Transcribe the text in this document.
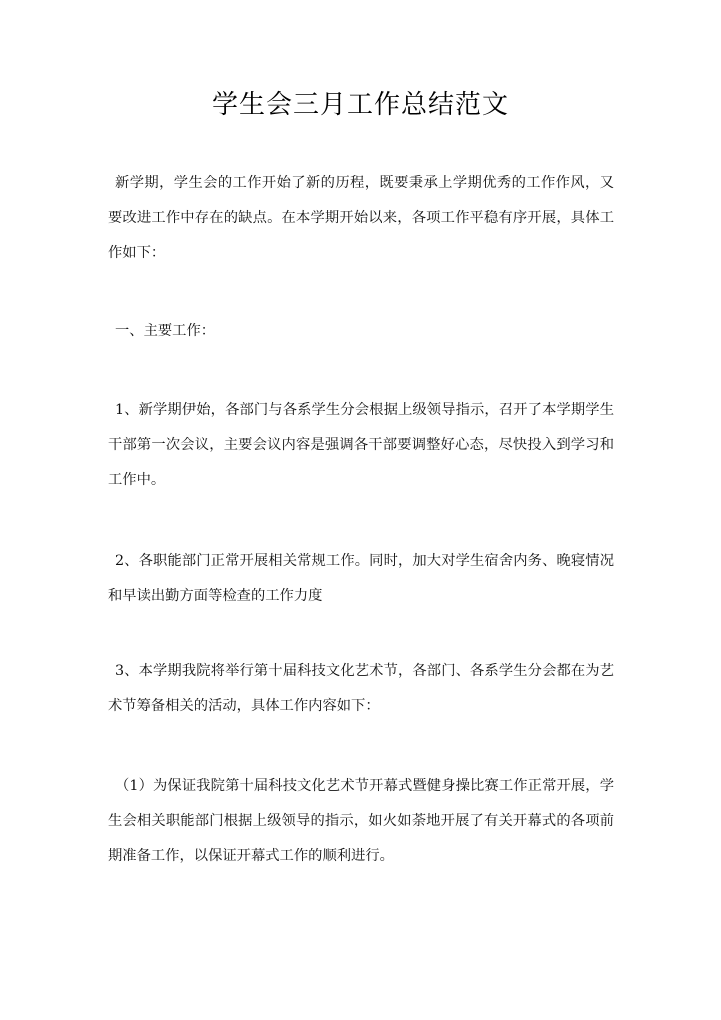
学生会三月工作总结范文

新学期，学生会的工作开始了新的历程，既要秉承上学期优秀的工作作风，又要改进工作中存在的缺点。在本学期开始以来，各项工作平稳有序开展，具体工作如下：

一、主要工作：

1、新学期伊始，各部门与各系学生分会根据上级领导指示，召开了本学期学生干部第一次会议，主要会议内容是强调各干部要调整好心态，尽快投入到学习和工作中。

2、各职能部门正常开展相关常规工作。同时，加大对学生宿舍内务、晚寝情况和早读出勤方面等检查的工作力度

3、本学期我院将举行第十届科技文化艺术节，各部门、各系学生分会都在为艺术节筹备相关的活动，具体工作内容如下：

（1）为保证我院第十届科技文化艺术节开幕式暨健身操比赛工作正常开展，学生会相关职能部门根据上级领导的指示，如火如荼地开展了有关开幕式的各项前期准备工作，以保证开幕式工作的顺利进行。
